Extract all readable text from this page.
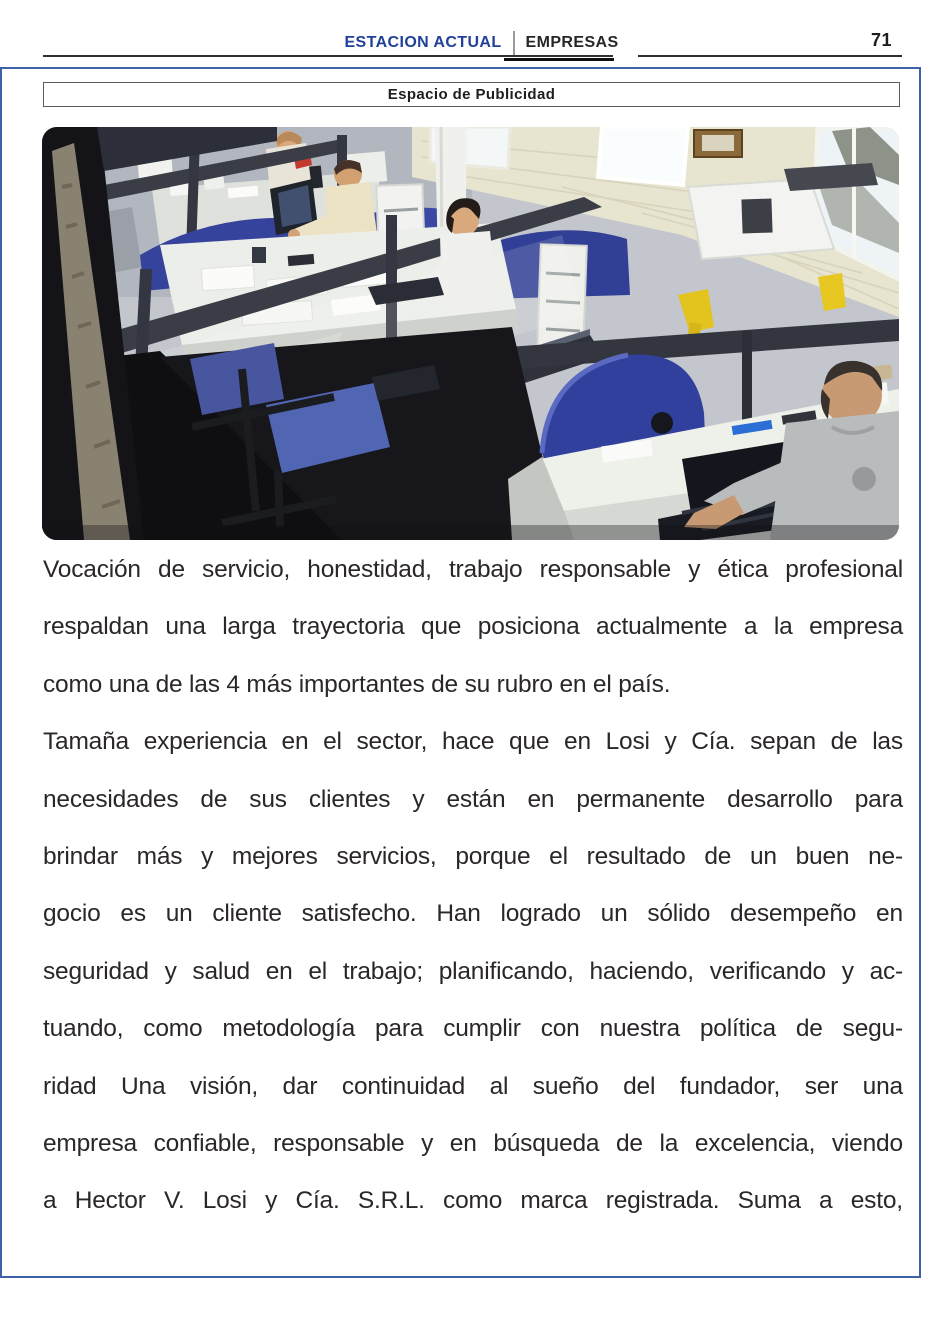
ESTACION ACTUAL EMPRESAS	71
Espacio de Publicidad
Vocación de servicio, honestidad, trabajo responsable y ética profesional
respaldan una larga trayectoria que posiciona actualmente a la empresa
como una de las 4 más importantes de su rubro en el país.
Tamaña experiencia en el sector, hace que en Losi y Cía. sepan de las
necesidades de sus clientes y están en permanente desarrollo para
brindar más y mejores servicios, porque el resultado de un buen ne-
gocio es un cliente satisfecho. Han logrado un sólido desempeño en
seguridad y salud en el trabajo; planificando, haciendo, verificando y ac-
tuando, como metodología para cumplir con nuestra política de segu-
ridad Una visión, dar continuidad al sueño del fundador, ser una
empresa confiable, responsable y en búsqueda de la excelencia, viendo
a Hector V. Losi y Cía. S.R.L. como marca registrada. Suma a esto,
